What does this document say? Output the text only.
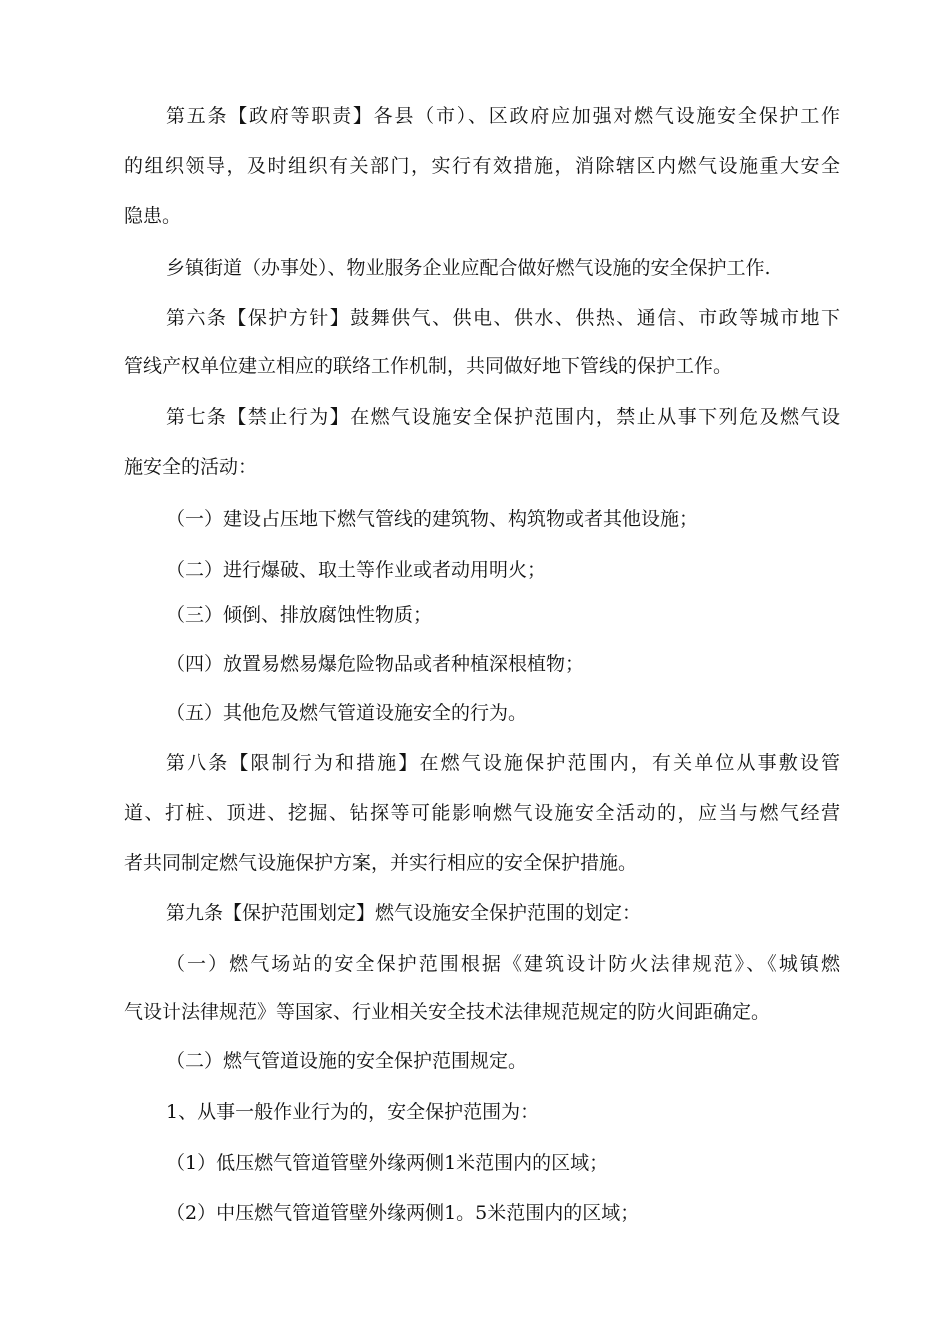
第五条【政府等职责】各县（市）、区政府应加强对燃气设施安全保护工作
的组织领导，及时组织有关部门，实行有效措施，消除辖区内燃气设施重大安全
隐患。
乡镇街道（办事处）、物业服务企业应配合做好燃气设施的安全保护工作.
第六条【保护方针】鼓舞供气、供电、供水、供热、通信、市政等城市地下
管线产权单位建立相应的联络工作机制，共同做好地下管线的保护工作。
第七条【禁止行为】在燃气设施安全保护范围内，禁止从事下列危及燃气设
施安全的活动：
（一）建设占压地下燃气管线的建筑物、构筑物或者其他设施；
（二）进行爆破、取土等作业或者动用明火；
（三）倾倒、排放腐蚀性物质；
（四）放置易燃易爆危险物品或者种植深根植物；
（五）其他危及燃气管道设施安全的行为。
第八条【限制行为和措施】在燃气设施保护范围内，有关单位从事敷设管
道、打桩、顶进、挖掘、钻探等可能影响燃气设施安全活动的，应当与燃气经营
者共同制定燃气设施保护方案，并实行相应的安全保护措施。
第九条【保护范围划定】燃气设施安全保护范围的划定：
（一）燃气场站的安全保护范围根据《建筑设计防火法律规范》、《城镇燃
气设计法律规范》等国家、行业相关安全技术法律规范规定的防火间距确定。
（二）燃气管道设施的安全保护范围规定。
1、从事一般作业行为的，安全保护范围为：
（1）低压燃气管道管壁外缘两侧1米范围内的区域；
（2）中压燃气管道管壁外缘两侧1。5米范围内的区域；
